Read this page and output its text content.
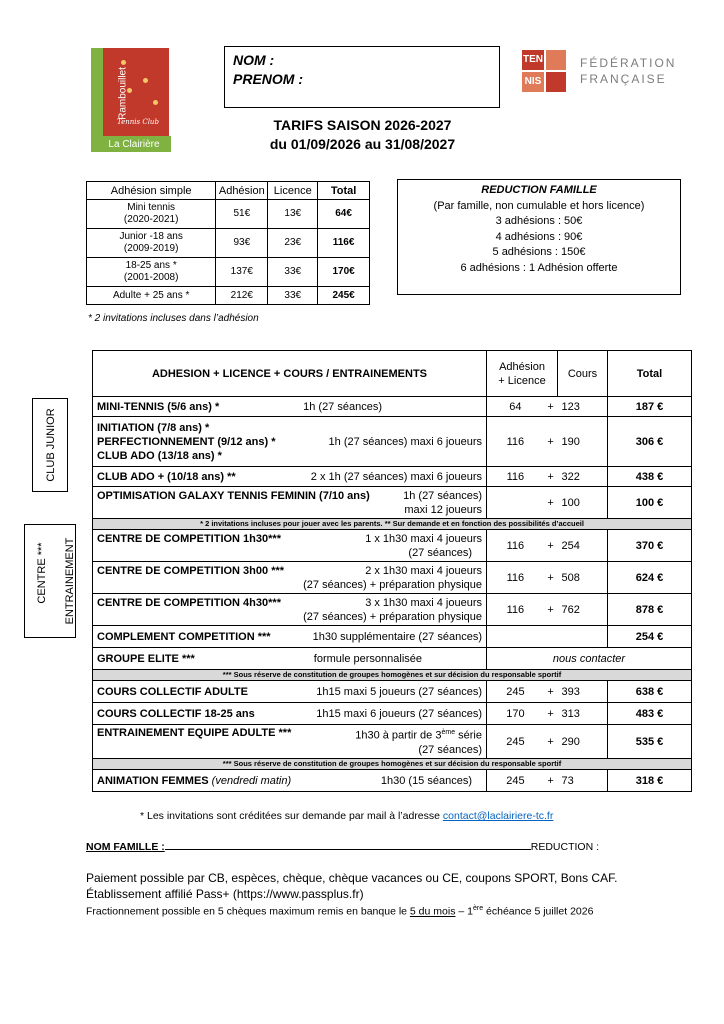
Rambouillet
Tennis Club
La Clairière
NOM :
PRENOM :
TEN
NIS
FÉDÉRATION
FRANÇAISE
TARIFS SAISON 2026-2027
du 01/09/2026 au 31/08/2027
Adhésion simple	Adhésion	Licence	Total

Mini tennis
(2020-2021)	51€	13€	64€

Junior -18 ans
(2009-2019)	93€	23€	116€

18-25 ans *
(2001-2008)	137€	33€	170€
Adulte + 25 ans *	212€	33€	245€
* 2 invitations incluses dans l’adhésion
REDUCTION FAMILLE
(Par famille, non cumulable et hors licence)
3 adhésions : 50€
4 adhésions : 90€
5 adhésions : 150€
6 adhésions : 1 Adhésion offerte
CLUB JUNIOR
CENTRE *** ENTRAINEMENT
ADHESION + LICENCE + COURS / ENTRAINEMENTS	Adhésion
+ Licence		Cours	Total

MINI-TENNIS (5/6 ans) * 1h (27 séances)	64	+	123	187 €

INITIATION (7/8 ans) *
PERFECTIONNEMENT (9/12 ans) * 1h (27 séances) maxi 6 joueurs
CLUB ADO (13/18 ans) *	116	+	190	306 €

CLUB ADO + (10/18 ans) ** 2 x 1h (27 séances) maxi 6 joueurs	116	+	322	438 €

OPTIMISATION GALAXY TENNIS FEMININ (7/10 ans) 1h (27 séances)
maxi 12 joueurs		+	100	100 €
* 2 invitations incluses pour jouer avec les parents. ** Sur demande et en fonction des possibilités d’accueil				

CENTRE DE COMPETITION 1h30*** 1 x 1h30 maxi 4 joueurs
(27 séances)	116	+	254	370 €

CENTRE DE COMPETITION 3h00 *** 2 x 1h30 maxi 4 joueurs
(27 séances) + préparation physique	116	+	508	624 €

CENTRE DE COMPETITION 4h30*** 3 x 1h30 maxi 4 joueurs
(27 séances) + préparation physique	116	+	762	878 €

COMPLEMENT COMPETITION *** 1h30 supplémentaire (27 séances)				254 €

GROUPE ELITE *** formule personnalisée	nous contacter			
*** Sous réserve de constitution de groupes homogènes et sur décision du responsable sportif				

COURS COLLECTIF ADULTE 1h15 maxi 5 joueurs (27 séances)	245	+	393	638 €

COURS COLLECTIF 18-25 ans 1h15 maxi 6 joueurs (27 séances)	170	+	313	483 €

ENTRAINEMENT EQUIPE ADULTE *** 1h30 à partir de 3ème série
(27 séances)	245	+	290	535 €
*** Sous réserve de constitution de groupes homogènes et sur décision du responsable sportif				

ANIMATION FEMMES (vendredi matin) 1h30 (15 séances)	245	+	73	318 €
* Les invitations sont créditées sur demande par mail à l’adresse contact@laclairiere-tc.fr
NOM FAMILLE :	REDUCTION :
Paiement possible par CB, espèces, chèque, chèque vacances ou CE, coupons SPORT, Bons CAF.
Établissement affilié Pass+ (https://www.passplus.fr)
Fractionnement possible en 5 chèques maximum remis en banque le 5 du mois – 1ère échéance 5 juillet 2026
